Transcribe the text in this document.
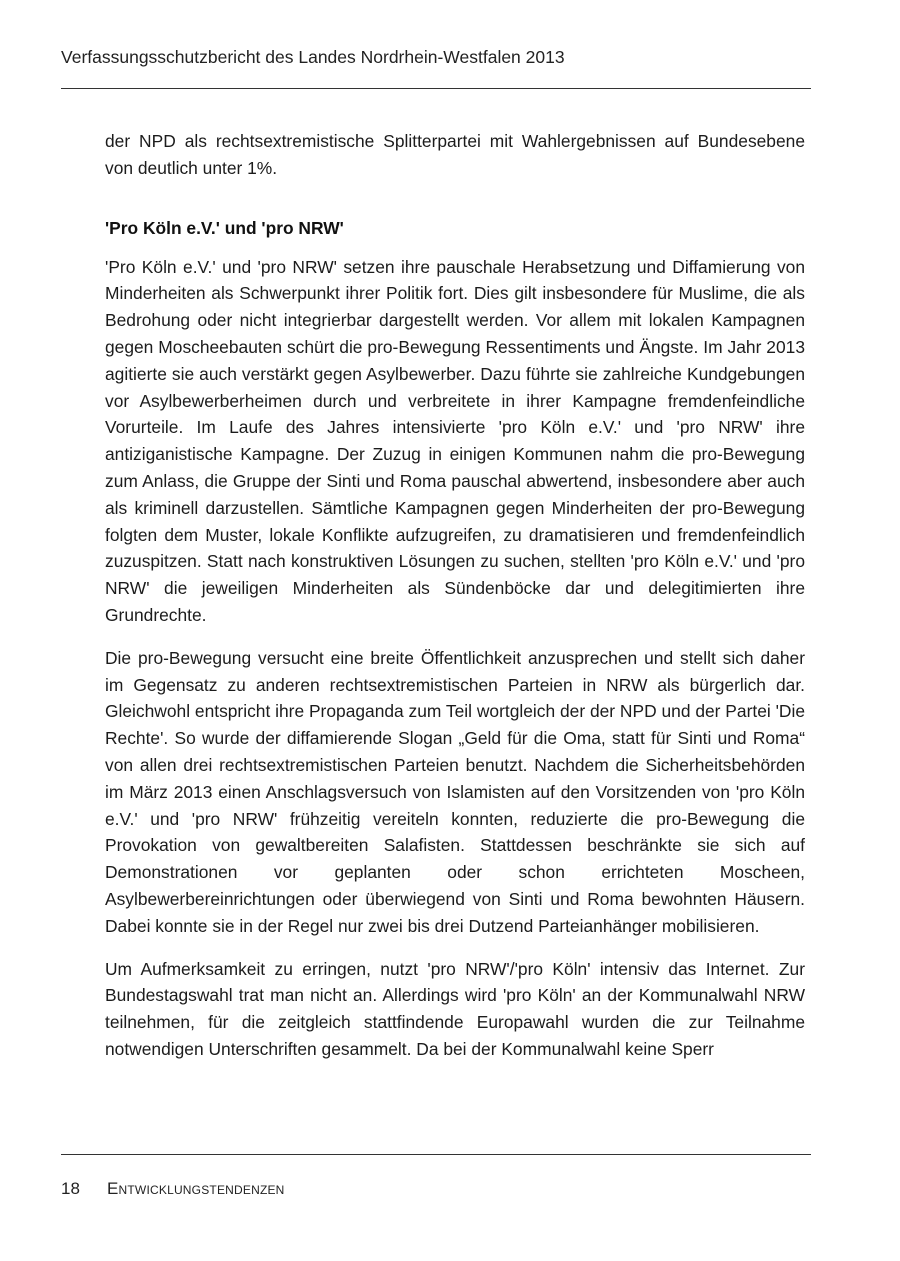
Verfassungsschutzbericht des Landes Nordrhein-Westfalen 2013

der NPD als rechtsextremistische Splitterpartei mit Wahlergebnissen auf Bundesebene von deutlich unter 1%.

'Pro Köln e.V.' und 'pro NRW'

'Pro Köln e.V.' und 'pro NRW' setzen ihre pauschale Herabsetzung und Diffamierung von Minderheiten als Schwerpunkt ihrer Politik fort. Dies gilt insbesondere für Muslime, die als Bedrohung oder nicht integrierbar dargestellt werden. Vor allem mit lokalen Kampagnen gegen Moscheebauten schürt die pro-Bewegung Ressentiments und Ängste. Im Jahr 2013 agitierte sie auch verstärkt gegen Asylbewerber. Dazu führte sie zahlreiche Kundgebungen vor Asylbewerberheimen durch und verbreitete in ihrer Kampagne fremdenfeindliche Vorurteile. Im Laufe des Jahres intensivierte 'pro Köln e.V.' und 'pro NRW' ihre antiziganistische Kampagne. Der Zuzug in einigen Kommunen nahm die pro-Bewegung zum Anlass, die Gruppe der Sinti und Roma pauschal abwertend, insbesondere aber auch als kriminell darzustellen. Sämtliche Kampagnen gegen Minderheiten der pro-Bewegung folgten dem Muster, lokale Konflikte aufzugreifen, zu dramatisieren und fremdenfeindlich zuzuspitzen. Statt nach konstruktiven Lösungen zu suchen, stellten 'pro Köln e.V.' und 'pro NRW' die jeweiligen Minderheiten als Sündenböcke dar und delegitimierten ihre Grundrechte.

Die pro-Bewegung versucht eine breite Öffentlichkeit anzusprechen und stellt sich daher im Gegensatz zu anderen rechtsextremistischen Parteien in NRW als bürgerlich dar. Gleichwohl entspricht ihre Propaganda zum Teil wortgleich der der NPD und der Partei 'Die Rechte'. So wurde der diffamierende Slogan „Geld für die Oma, statt für Sinti und Roma“ von allen drei rechtsextremistischen Parteien benutzt. Nachdem die Sicherheitsbehörden im März 2013 einen Anschlagsversuch von Islamisten auf den Vorsitzenden von 'pro Köln e.V.' und 'pro NRW' frühzeitig vereiteln konnten, reduzierte die pro-Bewegung die Provokation von gewaltbereiten Salafisten. Stattdessen beschränkte sie sich auf Demonstrationen vor geplanten oder schon errichteten Moscheen, Asylbewerbereinrichtungen oder überwiegend von Sinti und Roma bewohnten Häusern. Dabei konnte sie in der Regel nur zwei bis drei Dutzend Parteianhänger mobilisieren.

Um Aufmerksamkeit zu erringen, nutzt 'pro NRW'/'pro Köln' intensiv das Internet. Zur Bundestagswahl trat man nicht an. Allerdings wird 'pro Köln' an der Kommunalwahl NRW teilnehmen, für die zeitgleich stattfindende Europawahl wurden die zur Teilnahme notwendigen Unterschriften gesammelt. Da bei der Kommunalwahl keine Sperr

18 Entwicklungstendenzen
